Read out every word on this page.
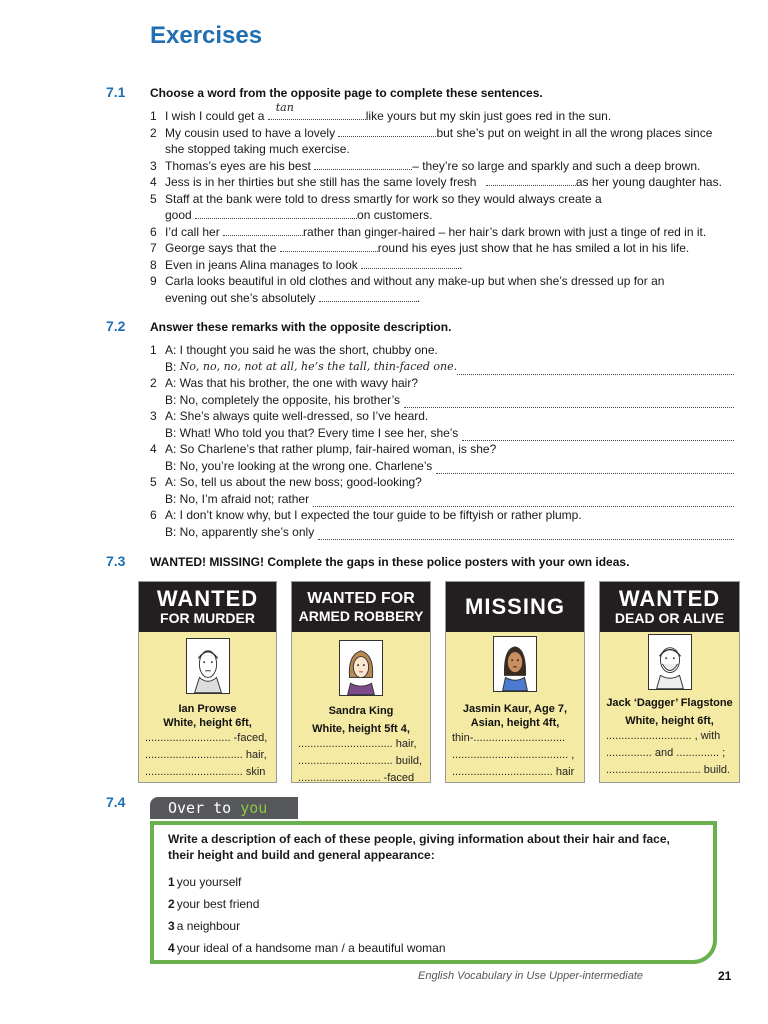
Exercises
7.1 Choose a word from the opposite page to complete these sentences.
1 I wish I could get a
tan
like yours but my skin just goes red in the sun.
2 My cousin used to have a lovely	but she’s put on weight in all the wrong places since
she stopped taking much exercise.
3 Thomas’s eyes are his best	– they’re so large and sparkly and such a deep brown.
4 Jess is in her thirties but she still has the same lovely fresh	as her young daughter has.
5 Staff at the bank were told to dress smartly for work so they would always create a
good	on customers.
6 I’d call her	rather than ginger-haired – her hair’s dark brown with just a tinge of red in it.
7 George says that the	round his eyes just show that he has smiled a lot in his life.
8 Even in jeans Alina manages to look	.
9 Carla looks beautiful in old clothes and without any make-up but when she’s dressed up for an
evening out she’s absolutely	.
7.2 Answer these remarks with the opposite description.
1 A: I thought you said he was the short, chubby one.
B:
No, no, no, not at all, he’s the tall, thin-faced one.
2 A: Was that his brother, the one with wavy hair?
B: No, completely the opposite, his brother’s
3 A: She’s always quite well-dressed, so I’ve heard.
B: What! Who told you that? Every time I see her, she’s
4 A: So Charlene’s that rather plump, fair-haired woman, is she?
B: No, you’re looking at the wrong one. Charlene’s
5 A: So, tell us about the new boss; good-looking?
B: No, I’m afraid not; rather
6 A: I don’t know why, but I expected the tour guide to be fiftyish or rather plump.
B: No, apparently she’s only
7.3 WANTED! MISSING! Complete the gaps in these police posters with your own ideas.
WANTED
FOR MURDER
Ian Prowse
White, height 6ft,
............................ -faced,
................................ hair,
................................ skin
WANTED FOR
ARMED ROBBERY
Sandra King
White, height 5ft 4,
............................... hair,
............................... build,
........................... -faced
MISSING
Jasmin Kaur, Age 7,
Asian, height 4ft,
thin-..............................
...................................... ,
................................. hair
WANTED
DEAD OR ALIVE
Jack ‘Dagger’ Flagstone
White, height 6ft,
............................ , with
............... and .............. ;
............................... build.
7.4	Over to you
Write a description of each of these people, giving information about their hair and face, their height and build and general appearance:
1 you yourself
2 your best friend
3 a neighbour
4 your ideal of a handsome man / a beautiful woman
English Vocabulary in Use Upper-intermediate	21
